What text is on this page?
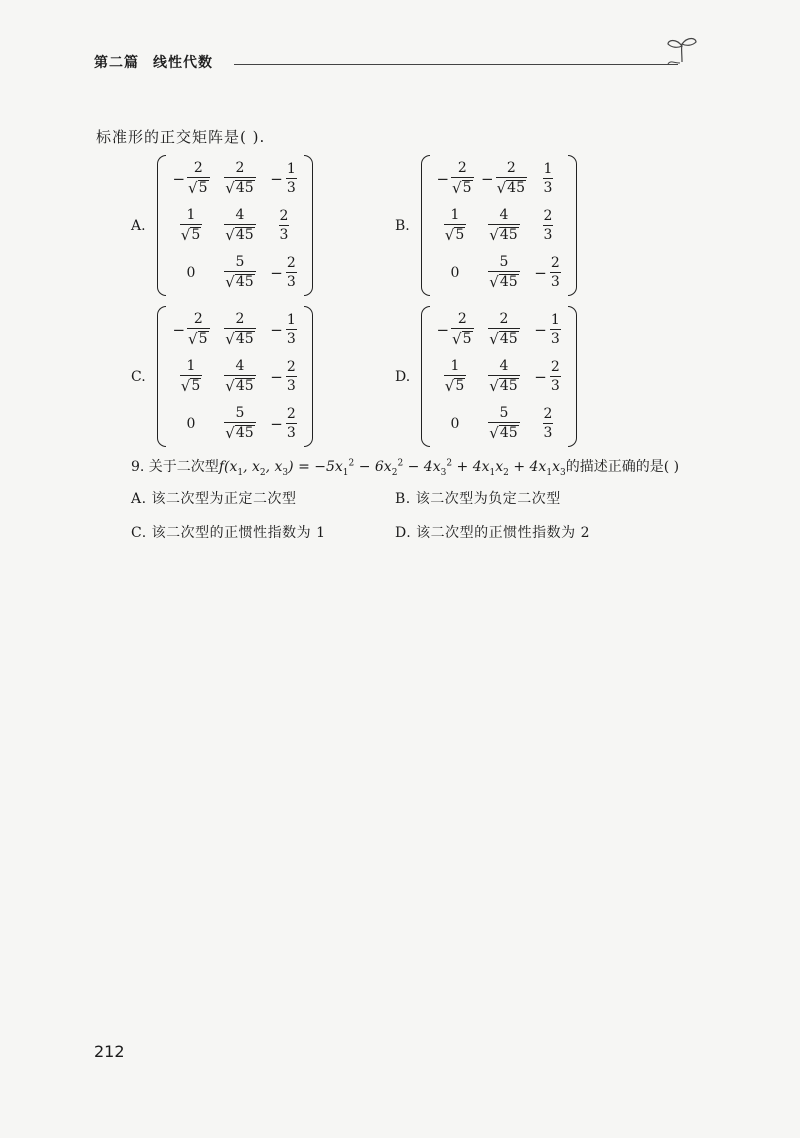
第二篇 线性代数
标准形的正交矩阵是( ).
A.
− $\frac{2}{√ 5} \frac{2}{√ 45} - \frac{1}{3}$
$\frac{1}{√ 5} \frac{4}{√ 45} \frac{2}{3}$
$0 \frac{5}{√ 45} - \frac{2}{3}$
B.
− $\frac{2}{√ 5} - \frac{2}{√ 45} \frac{1}{3}$
$\frac{1}{√ 5} \frac{4}{√ 45} \frac{2}{3}$
$0 \frac{5}{√ 45} - \frac{2}{3}$
C.
− $\frac{2}{√ 5} \frac{2}{√ 45} - \frac{1}{3}$
$\frac{1}{√ 5} \frac{4}{√ 45} - \frac{2}{3}$
$0 \frac{5}{√ 45} - \frac{2}{3}$
D.
− $\frac{2}{√ 5} \frac{2}{√ 45} - \frac{1}{3}$
$\frac{1}{√ 5} \frac{4}{√ 45} - \frac{2}{3}$
$0 \frac{5}{√ 45} \frac{2}{3}$
9. 关于二次型$f(x_1$, $x_2$, $x_3) = -5x_1^2 - 6x_2^2 - 4x_3^2 + 4x_1x_2 + 4x_1x_3$的描述正确的是( )
A. 该二次型为正定二次型	B. 该二次型为负定二次型
C. 该二次型的正惯性指数为 1	D. 该二次型的正惯性指数为 2
212
